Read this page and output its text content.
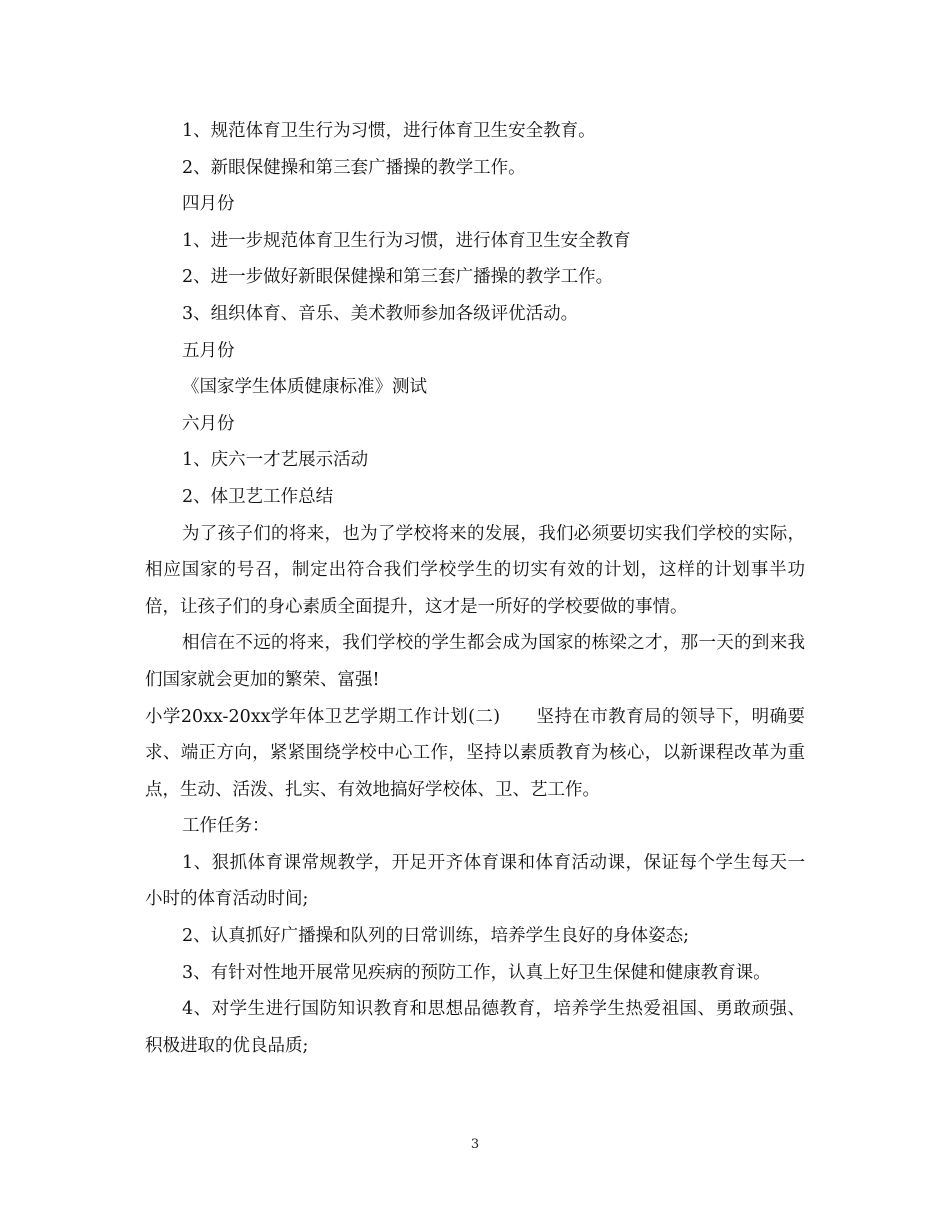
1、规范体育卫生行为习惯，进行体育卫生安全教育。
2、新眼保健操和第三套广播操的教学工作。
四月份
1、进一步规范体育卫生行为习惯，进行体育卫生安全教育
2、进一步做好新眼保健操和第三套广播操的教学工作。
3、组织体育、音乐、美术教师参加各级评优活动。
五月份
《国家学生体质健康标准》测试
六月份
1、庆六一才艺展示活动
2、体卫艺工作总结
为了孩子们的将来，也为了学校将来的发展，我们必须要切实我们学校的实际，相应国家的号召，制定出符合我们学校学生的切实有效的计划，这样的计划事半功倍，让孩子们的身心素质全面提升，这才是一所好的学校要做的事情。
相信在不远的将来，我们学校的学生都会成为国家的栋梁之才，那一天的到来我们国家就会更加的繁荣、富强!
小学20xx-20xx学年体卫艺学期工作计划(二) 坚持在市教育局的领导下，明确要求、端正方向，紧紧围绕学校中心工作，坚持以素质教育为核心，以新课程改革为重点，生动、活泼、扎实、有效地搞好学校体、卫、艺工作。
工作任务：
1、狠抓体育课常规教学，开足开齐体育课和体育活动课，保证每个学生每天一小时的体育活动时间;
2、认真抓好广播操和队列的日常训练，培养学生良好的身体姿态;
3、有针对性地开展常见疾病的预防工作，认真上好卫生保健和健康教育课。
4、对学生进行国防知识教育和思想品德教育，培养学生热爱祖国、勇敢顽强、积极进取的优良品质;
3
